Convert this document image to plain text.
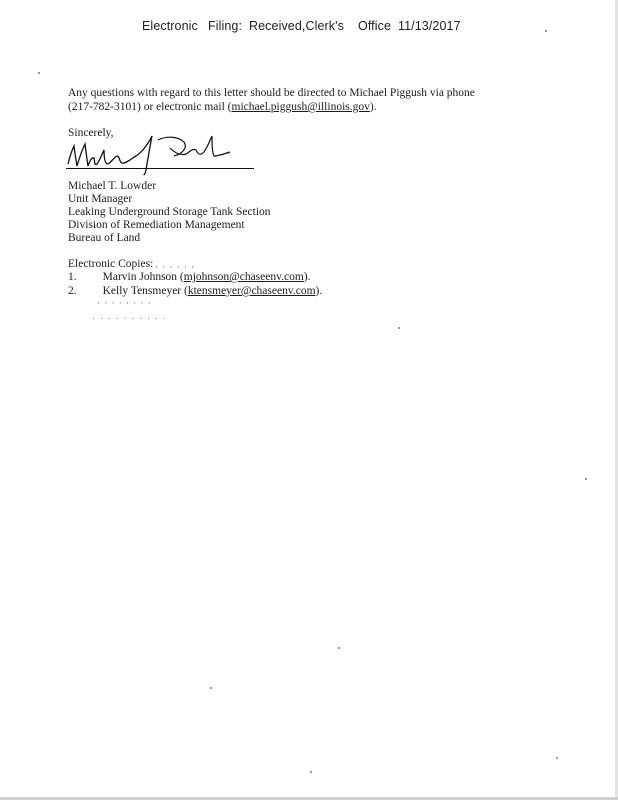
Electronic Filing: Received,Clerk's Office 11/13/2017
Any questions with regard to this letter should be directed to Michael Piggush via phone
(217-782-3101) or electronic mail (michael.piggush@illinois.gov).
Sincerely,
Michael T. Lowder
Unit Manager
Leaking Underground Storage Tank Section
Division of Remediation Management
Bureau of Land
Electronic Copies:
1. Marvin Johnson (mjohnson@chaseenv.com).
2. Kelly Tensmeyer (ktensmeyer@chaseenv.com).
· · · · · ·
· · · · · · · ·
· · · · · · · · · ·
